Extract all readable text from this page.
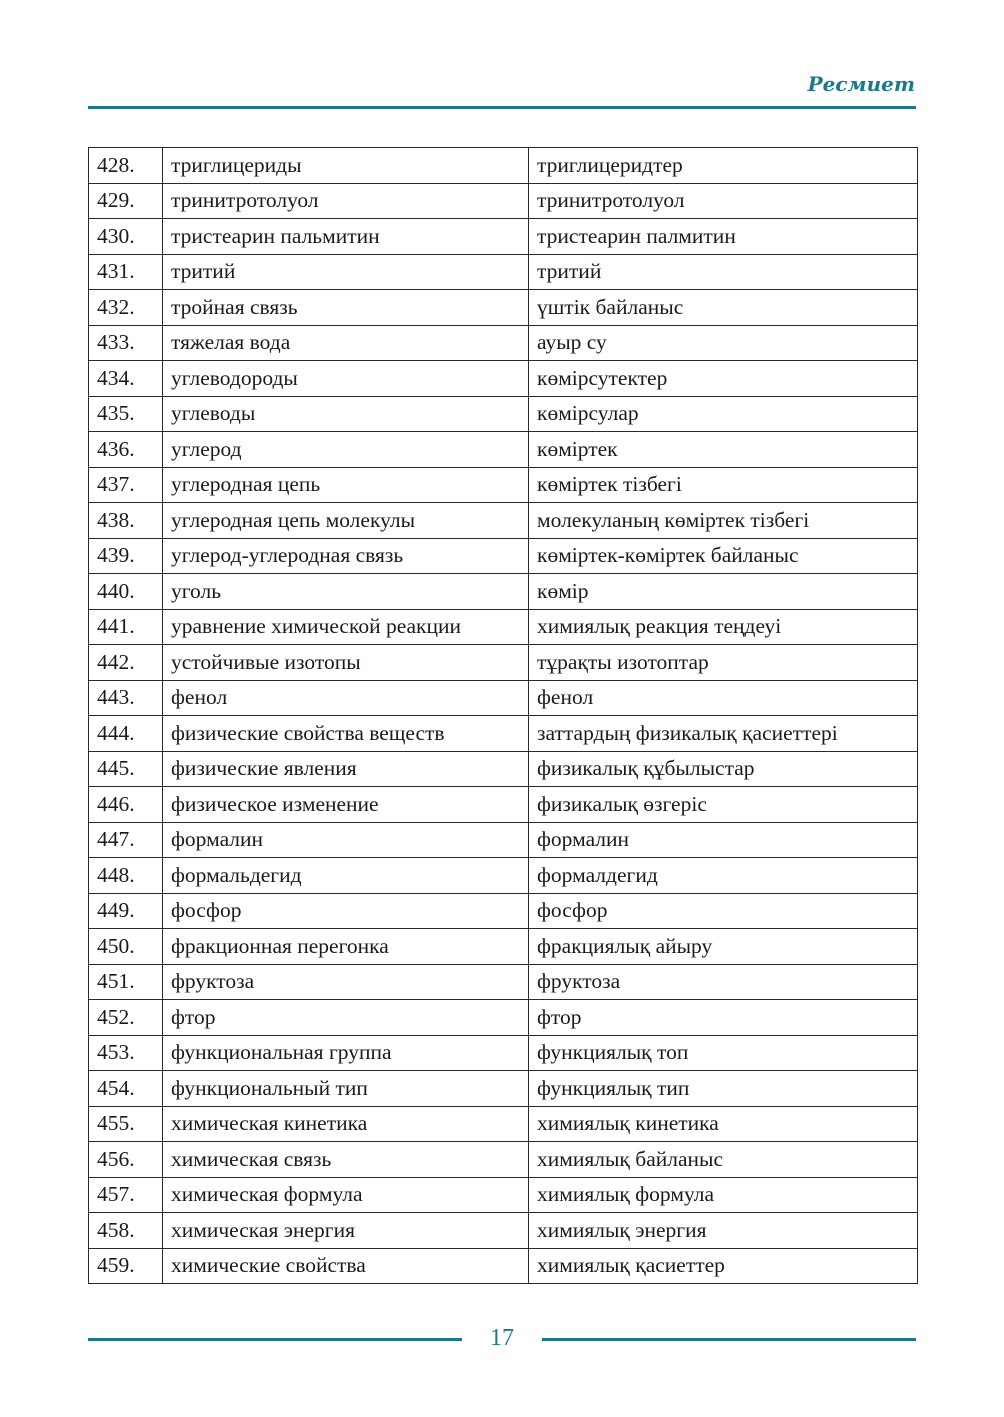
Ресмиет
428.	триглицериды	триглицеридтер
429.	тринитротолуол	тринитротолуол
430.	тристеарин пальмитин	тристеарин палмитин
431.	тритий	тритий
432.	тройная связь	үштік байланыс
433.	тяжелая вода	ауыр су
434.	углеводороды	көмірсутектер
435.	углеводы	көмірсулар
436.	углерод	көміртек
437.	углеродная цепь	көміртек тізбегі
438.	углеродная цепь молекулы	молекуланың көміртек тізбегі
439.	углерод-углеродная связь	көміртек-көміртек байланыс
440.	уголь	көмір
441.	уравнение химической реакции	химиялық реакция теңдеуі
442.	устойчивые изотопы	тұрақты изотоптар
443.	фенол	фенол
444.	физические свойства веществ	заттардың физикалық қасиеттері
445.	физические явления	физикалық құбылыстар
446.	физическое изменение	физикалық өзгеріс
447.	формалин	формалин
448.	формальдегид	формалдегид
449.	фосфор	фосфор
450.	фракционная перегонка	фракциялық айыру
451.	фруктоза	фруктоза
452.	фтор	фтор
453.	функциональная группа	функциялық топ
454.	функциональный тип	функциялық тип
455.	химическая кинетика	химиялық кинетика
456.	химическая связь	химиялық байланыс
457.	химическая формула	химиялық формула
458.	химическая энергия	химиялық энергия
459.	химические свойства	химиялық қасиеттер
17
